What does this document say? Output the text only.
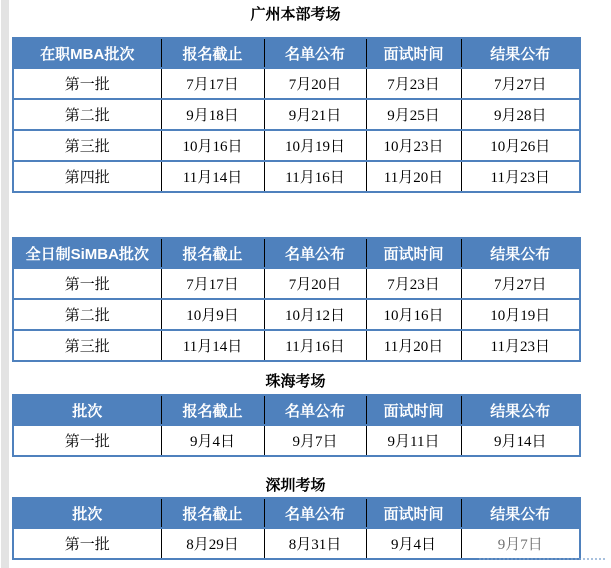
广州本部考场
在职MBA批次	报名截止	名单公布	面试时间	结果公布
第一批	7月17日	7月20日	7月23日	7月27日
第二批	9月18日	9月21日	9月25日	9月28日
第三批	10月16日	10月19日	10月23日	10月26日
第四批	11月14日	11月16日	11月20日	11月23日
全日制SiMBA批次	报名截止	名单公布	面试时间	结果公布
第一批	7月17日	7月20日	7月23日	7月27日
第二批	10月9日	10月12日	10月16日	10月19日
第三批	11月14日	11月16日	11月20日	11月23日
珠海考场
批次	报名截止	名单公布	面试时间	结果公布
第一批	9月4日	9月7日	9月11日	9月14日
深圳考场
批次	报名截止	名单公布	面试时间	结果公布
第一批	8月29日	8月31日	9月4日	9月7日
